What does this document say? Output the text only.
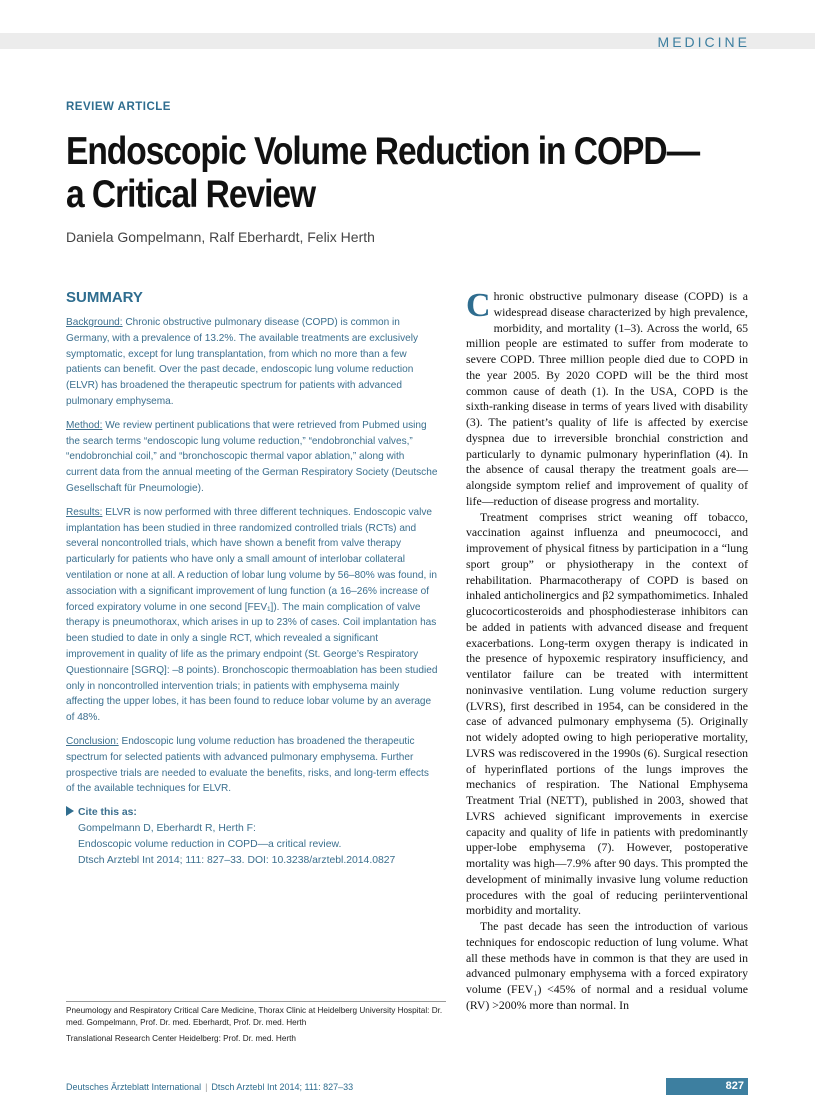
MEDICINE
REVIEW ARTICLE
Endoscopic Volume Reduction in COPD—
a Critical Review
Daniela Gompelmann, Ralf Eberhardt, Felix Herth
SUMMARY

Background: Chronic obstructive pulmonary disease (COPD) is common in Germany, with a prevalence of 13.2%. The available treatments are exclusively symptomatic, except for lung transplantation, from which no more than a few patients can benefit. Over the past decade, endoscopic lung volume reduction (ELVR) has broadened the therapeutic spectrum for patients with advanced pulmonary emphysema.

Method: We review pertinent publications that were retrieved from Pubmed using the search terms “endoscopic lung volume reduction,” “endobronchial valves,” “endobronchial coil,” and “bronchoscopic thermal vapor ablation,” along with current data from the annual meeting of the German Respiratory Society (Deutsche Gesellschaft für Pneumologie).

Results: ELVR is now performed with three different techniques. Endoscopic valve implantation has been studied in three randomized controlled trials (RCTs) and several noncontrolled trials, which have shown a benefit from valve therapy particularly for patients who have only a small amount of interlobar collateral ventilation or none at all. A reduction of lobar lung volume by 56–80% was found, in association with a significant improvement of lung function (a 16–26% increase of forced expiratory volume in one second [FEV₁]). The main complication of valve therapy is pneumothorax, which arises in up to 23% of cases. Coil implantation has been studied to date in only a single RCT, which revealed a significant improvement in quality of life as the primary endpoint (St. George’s Respiratory Questionnaire [SGRQ]: –8 points). Bronchoscopic thermoablation has been studied only in noncontrolled intervention trials; in patients with emphysema mainly affecting the upper lobes, it has been found to reduce lobar volume by an average of 48%.

Conclusion: Endoscopic lung volume reduction has broadened the therapeutic spectrum for selected patients with advanced pulmonary emphysema. Further prospective trials are needed to evaluate the benefits, risks, and long-term effects of the available techniques for ELVR.

Cite this as:
Gompelmann D, Eberhardt R, Herth F:
Endoscopic volume reduction in COPD—a critical review.
Dtsch Arztebl Int 2014; 111: 827–33. DOI: 10.3238/arztebl.2014.0827

Pneumology and Respiratory Critical Care Medicine, Thorax Clinic at Heidelberg University Hospital: Dr. med. Gompelmann, Prof. Dr. med. Eberhardt, Prof. Dr. med. Herth

Translational Research Center Heidelberg: Prof. Dr. med. Herth

Chronic obstructive pulmonary disease (COPD) is a widespread disease characterized by high prevalence, morbidity, and mortality (1–3). Across the world, 65 million people are estimated to suffer from moderate to severe COPD. Three million people died due to COPD in the year 2005. By 2020 COPD will be the third most common cause of death (1). In the USA, COPD is the sixth-ranking disease in terms of years lived with disability (3). The patient’s quality of life is affected by exercise dyspnea due to irreversible bronchial constriction and particularly to dynamic pulmonary hyperinflation (4). In the absence of causal therapy the treatment goals are—alongside symptom relief and improvement of quality of life—reduction of disease progress and mortality.

Treatment comprises strict weaning off tobacco, vaccination against influenza and pneumococci, and improvement of physical fitness by participation in a “lung sport group” or physiotherapy in the context of rehabilitation. Pharmacotherapy of COPD is based on inhaled anticholinergics and β2 sympathomimetics. Inhaled glucocorticosteroids and phosphodiesterase inhibitors can be added in patients with advanced disease and frequent exacerbations. Long-term oxygen therapy is indicated in the presence of hypoxemic respiratory insufficiency, and ventilator failure can be treated with intermittent noninvasive ventilation. Lung volume reduction surgery (LVRS), first described in 1954, can be considered in the case of advanced pulmonary emphysema (5). Originally not widely adopted owing to high perioperative mortality, LVRS was rediscovered in the 1990s (6). Surgical resection of hyperinflated portions of the lungs improves the mechanics of respiration. The National Emphysema Treatment Trial (NETT), published in 2003, showed that LVRS achieved significant improvements in exercise capacity and quality of life in patients with predominantly upper-lobe emphysema (7). However, postoperative mortality was high—7.9% after 90 days. This prompted the development of minimally invasive lung volume reduction procedures with the goal of reducing periinterventional morbidity and mortality.

The past decade has seen the introduction of various techniques for endoscopic reduction of lung volume. What all these methods have in common is that they are used in advanced pulmonary emphysema with a forced expiratory volume (FEV₁) <45% of normal and a residual volume (RV) >200% more than normal. In

Deutsches Ärzteblatt International | Dtsch Arztebl Int 2014; 111: 827–33	827
